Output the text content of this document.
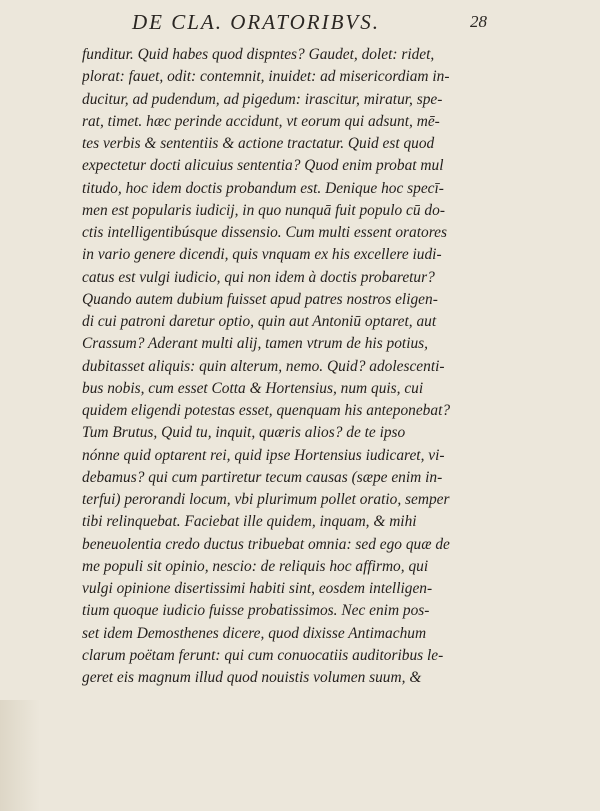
DE CLA. ORATORIBVS.	28
funditur. Quid habes quod dispntes? Gaudet, dolet: ridet,
plorat: fauet, odit: contemnit, inuidet: ad misericordiam in-
ducitur, ad pudendum, ad pigedum: irascitur, miratur, spe-
rat, timet. hæc perinde accidunt, vt eorum qui adsunt, mē-
tes verbis & sententiis & actione tractatur. Quid est quod
expectetur docti alicuius sententia? Quod enim probat mul
titudo, hoc idem doctis probandum est. Denique hoc specī-
men est popularis iudicij, in quo nunquā fuit populo cū do-
ctis intelligentibúsque dissensio. Cum multi essent oratores
in vario genere dicendi, quis vnquam ex his excellere iudi-
catus est vulgi iudicio, qui non idem à doctis probaretur?
Quando autem dubium fuisset apud patres nostros eligen-
di cui patroni daretur optio, quin aut Antoniū optaret, aut
Crassum? Aderant multi alij, tamen vtrum de his potius,
dubitasset aliquis: quin alterum, nemo. Quid? adolescenti-
bus nobis, cum esset Cotta & Hortensius, num quis, cui
quidem eligendi potestas esset, quenquam his anteponebat?
Tum Brutus, Quid tu, inquit, quæris alios? de te ipso
nónne quid optarent rei, quid ipse Hortensius iudicaret, vi-
debamus? qui cum partiretur tecum causas (sæpe enim in-
terfui) perorandi locum, vbi plurimum pollet oratio, semper
tibi relinquebat. Faciebat ille quidem, inquam, & mihi
beneuolentia credo ductus tribuebat omnia: sed ego quæ de
me populi sit opinio, nescio: de reliquis hoc affirmo, qui
vulgi opinione disertissimi habiti sint, eosdem intelligen-
tium quoque iudicio fuisse probatissimos. Nec enim pos-
set idem Demosthenes dicere, quod dixisse Antimachum
clarum poëtam ferunt: qui cum conuocatiis auditoribus le-
geret eis magnum illud quod nouistis volumen suum, &
